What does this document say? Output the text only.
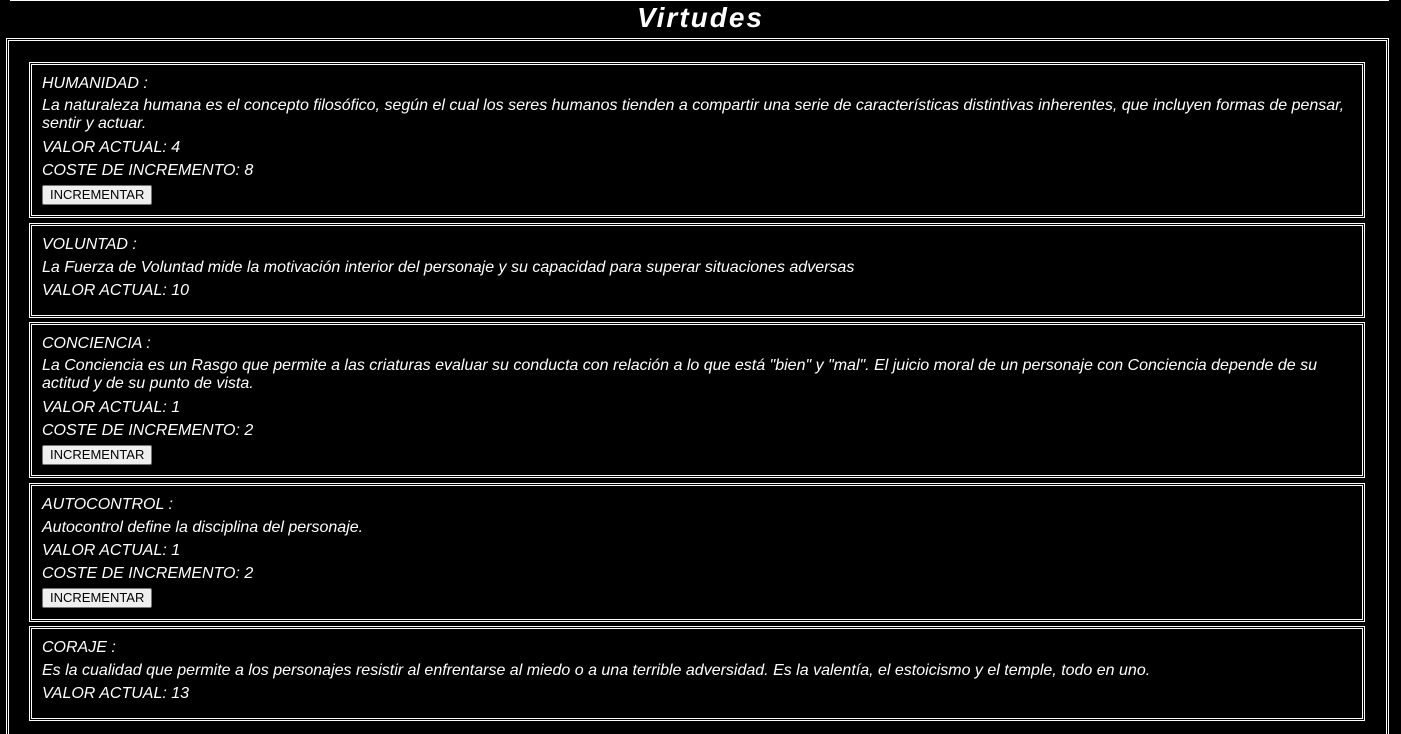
Virtudes
HUMANIDAD :
La naturaleza humana es el concepto filosófico, según el cual los seres humanos tienden a compartir una serie de características distintivas inherentes, que incluyen formas de pensar, sentir y actuar.
VALOR ACTUAL: 4
COSTE DE INCREMENTO: 8
INCREMENTAR
VOLUNTAD :
La Fuerza de Voluntad mide la motivación interior del personaje y su capacidad para superar situaciones adversas
VALOR ACTUAL: 10
CONCIENCIA :
La Conciencia es un Rasgo que permite a las criaturas evaluar su conducta con relación a lo que está "bien" y "mal". El juicio moral de un personaje con Conciencia depende de su actitud y de su punto de vista.
VALOR ACTUAL: 1
COSTE DE INCREMENTO: 2
INCREMENTAR
AUTOCONTROL :
Autocontrol define la disciplina del personaje.
VALOR ACTUAL: 1
COSTE DE INCREMENTO: 2
INCREMENTAR
CORAJE :
Es la cualidad que permite a los personajes resistir al enfrentarse al miedo o a una terrible adversidad. Es la valentía, el estoicismo y el temple, todo en uno.
VALOR ACTUAL: 13
